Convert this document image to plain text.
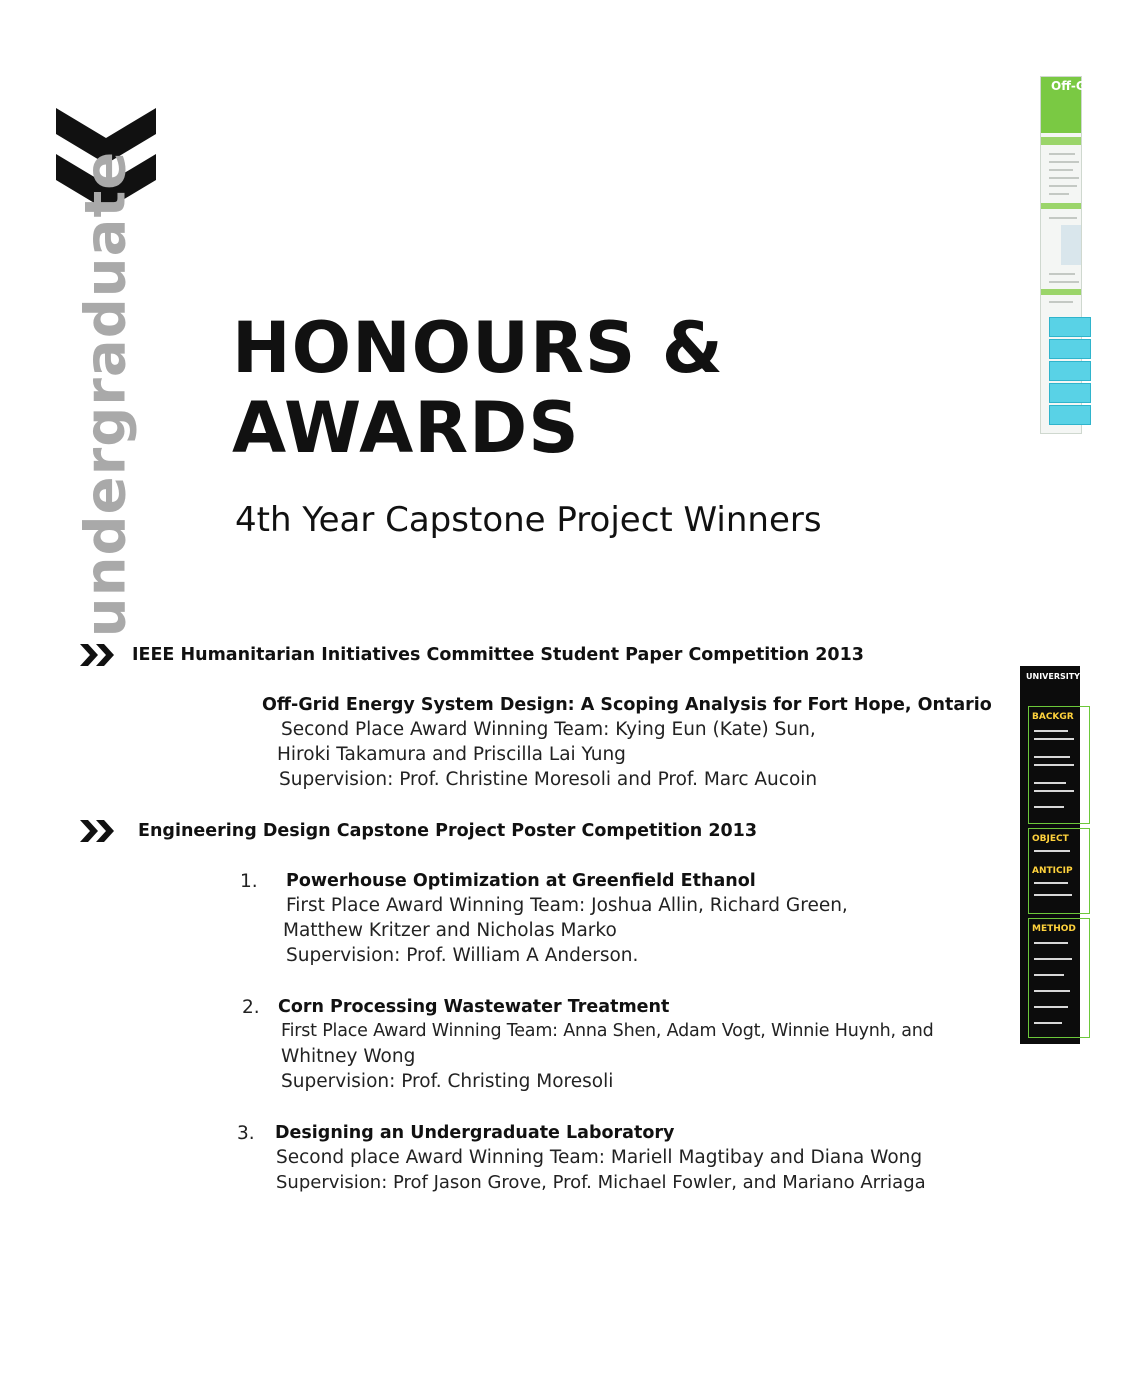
undergraduate HONOURS &
AWARDS
4th Year Capstone Project Winners
IEEE Humanitarian Initiatives Committee Student Paper Competition 2013
Off-Grid Energy System Design: A Scoping Analysis for Fort Hope, Ontario
Second Place Award Winning Team: Kying Eun (Kate) Sun,
Hiroki Takamura and Priscilla Lai Yung
Supervision: Prof. Christine Moresoli and Prof. Marc Aucoin
Engineering Design Capstone Project Poster Competition 2013
1. Powerhouse Optimization at Greenfield Ethanol
First Place Award Winning Team: Joshua Allin, Richard Green,
Matthew Kritzer and Nicholas Marko
Supervision: Prof. William A Anderson.
2. Corn Processing Wastewater Treatment
First Place Award Winning Team: Anna Shen, Adam Vogt, Winnie Huynh, and
Whitney Wong
Supervision: Prof. Christing Moresoli
3. Designing an Undergraduate Laboratory
Second place Award Winning Team: Mariell Magtibay and Diana Wong
Supervision: Prof Jason Grove, Prof. Michael Fowler, and Mariano Arriaga
Off-G
UNIVERSITY OF WATERLO
BACKGR
OBJECT
ANTICIP
METHOD
